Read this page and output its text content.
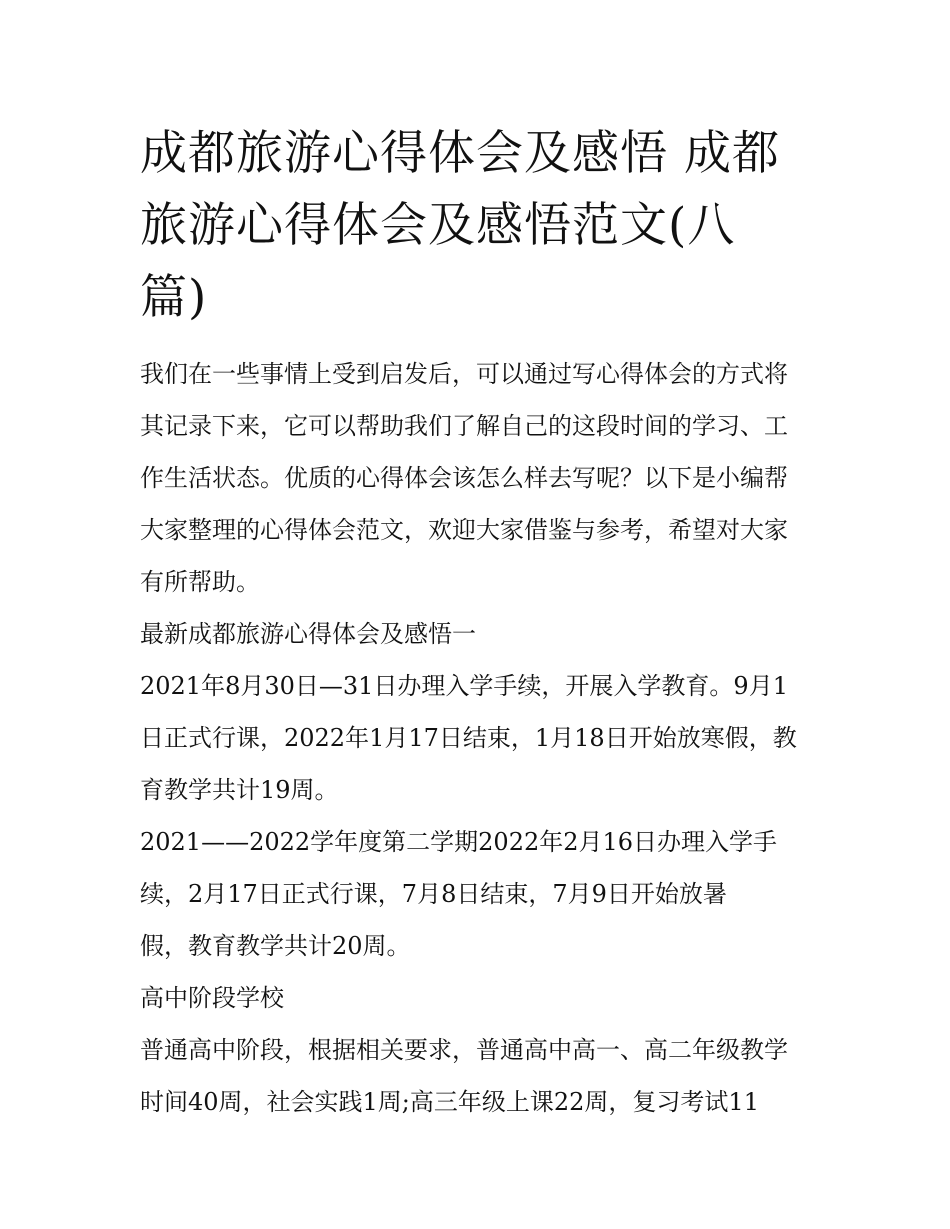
成都旅游心得体会及感悟 成都
旅游心得体会及感悟范文(八
篇)

我们在一些事情上受到启发后，可以通过写心得体会的方式将
其记录下来，它可以帮助我们了解自己的这段时间的学习、工
作生活状态。优质的心得体会该怎么样去写呢？以下是小编帮
大家整理的心得体会范文，欢迎大家借鉴与参考，希望对大家
有所帮助。

最新成都旅游心得体会及感悟一

2021年8月30日—31日办理入学手续，开展入学教育。9月1
日正式行课，2022年1月17日结束，1月18日开始放寒假，教
育教学共计19周。

2021——2022学年度第二学期2022年2月16日办理入学手
续，2月17日正式行课，7月8日结束，7月9日开始放暑
假，教育教学共计20周。

高中阶段学校

普通高中阶段，根据相关要求，普通高中高一、高二年级教学
时间40周，社会实践1周;高三年级上课22周，复习考试11
